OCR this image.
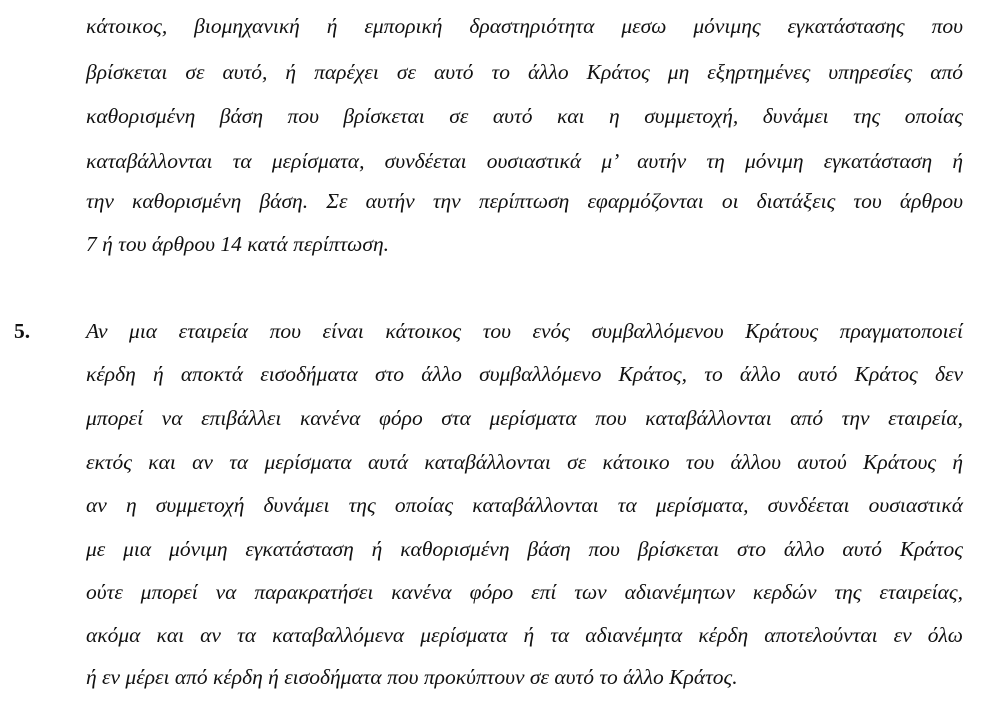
κάτοικος, βιομηχανική ή εμπορική δραστηριότητα μεσω μόνιμης εγκατάστασης που
βρίσκεται σε αυτό, ή παρέχει σε αυτό το άλλο Κράτος μη εξηρτημένες υπηρεσίες από
καθορισμένη βάση που βρίσκεται σε αυτό και η συμμετοχή, δυνάμει της οποίας
καταβάλλονται τα μερίσματα, συνδέεται ουσιαστικά μ’ αυτήν τη μόνιμη εγκατάσταση ή
την καθορισμένη βάση. Σε αυτήν την περίπτωση εφαρμόζονται οι διατάξεις του άρθρου
7 ή του άρθρου 14 κατά περίπτωση.
5.	Αν μια εταιρεία που είναι κάτοικος του ενός συμβαλλόμενου Κράτους πραγματοποιεί
κέρδη ή αποκτά εισοδήματα στο άλλο συμβαλλόμενο Κράτος, το άλλο αυτό Κράτος δεν
μπορεί να επιβάλλει κανένα φόρο στα μερίσματα που καταβάλλονται από την εταιρεία,
εκτός και αν τα μερίσματα αυτά καταβάλλονται σε κάτοικο του άλλου αυτού Κράτους ή
αν η συμμετοχή δυνάμει της οποίας καταβάλλονται τα μερίσματα, συνδέεται ουσιαστικά
με μια μόνιμη εγκατάσταση ή καθορισμένη βάση που βρίσκεται στο άλλο αυτό Κράτος
ούτε μπορεί να παρακρατήσει κανένα φόρο επί των αδιανέμητων κερδών της εταιρείας,
ακόμα και αν τα καταβαλλόμενα μερίσματα ή τα αδιανέμητα κέρδη αποτελούνται εν όλω
ή εν μέρει από κέρδη ή εισοδήματα που προκύπτουν σε αυτό το άλλο Κράτος.
